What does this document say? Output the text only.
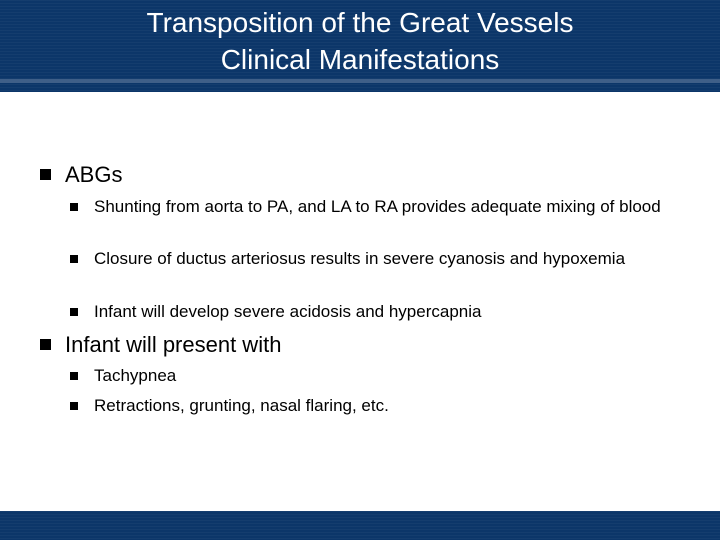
Transposition of the Great Vessels
Clinical Manifestations
ABGs
Shunting from aorta to PA, and LA to RA provides adequate mixing of blood
Closure of ductus arteriosus results in severe cyanosis and hypoxemia
Infant will develop severe acidosis and hypercapnia
Infant will present with
Tachypnea
Retractions, grunting, nasal flaring, etc.
